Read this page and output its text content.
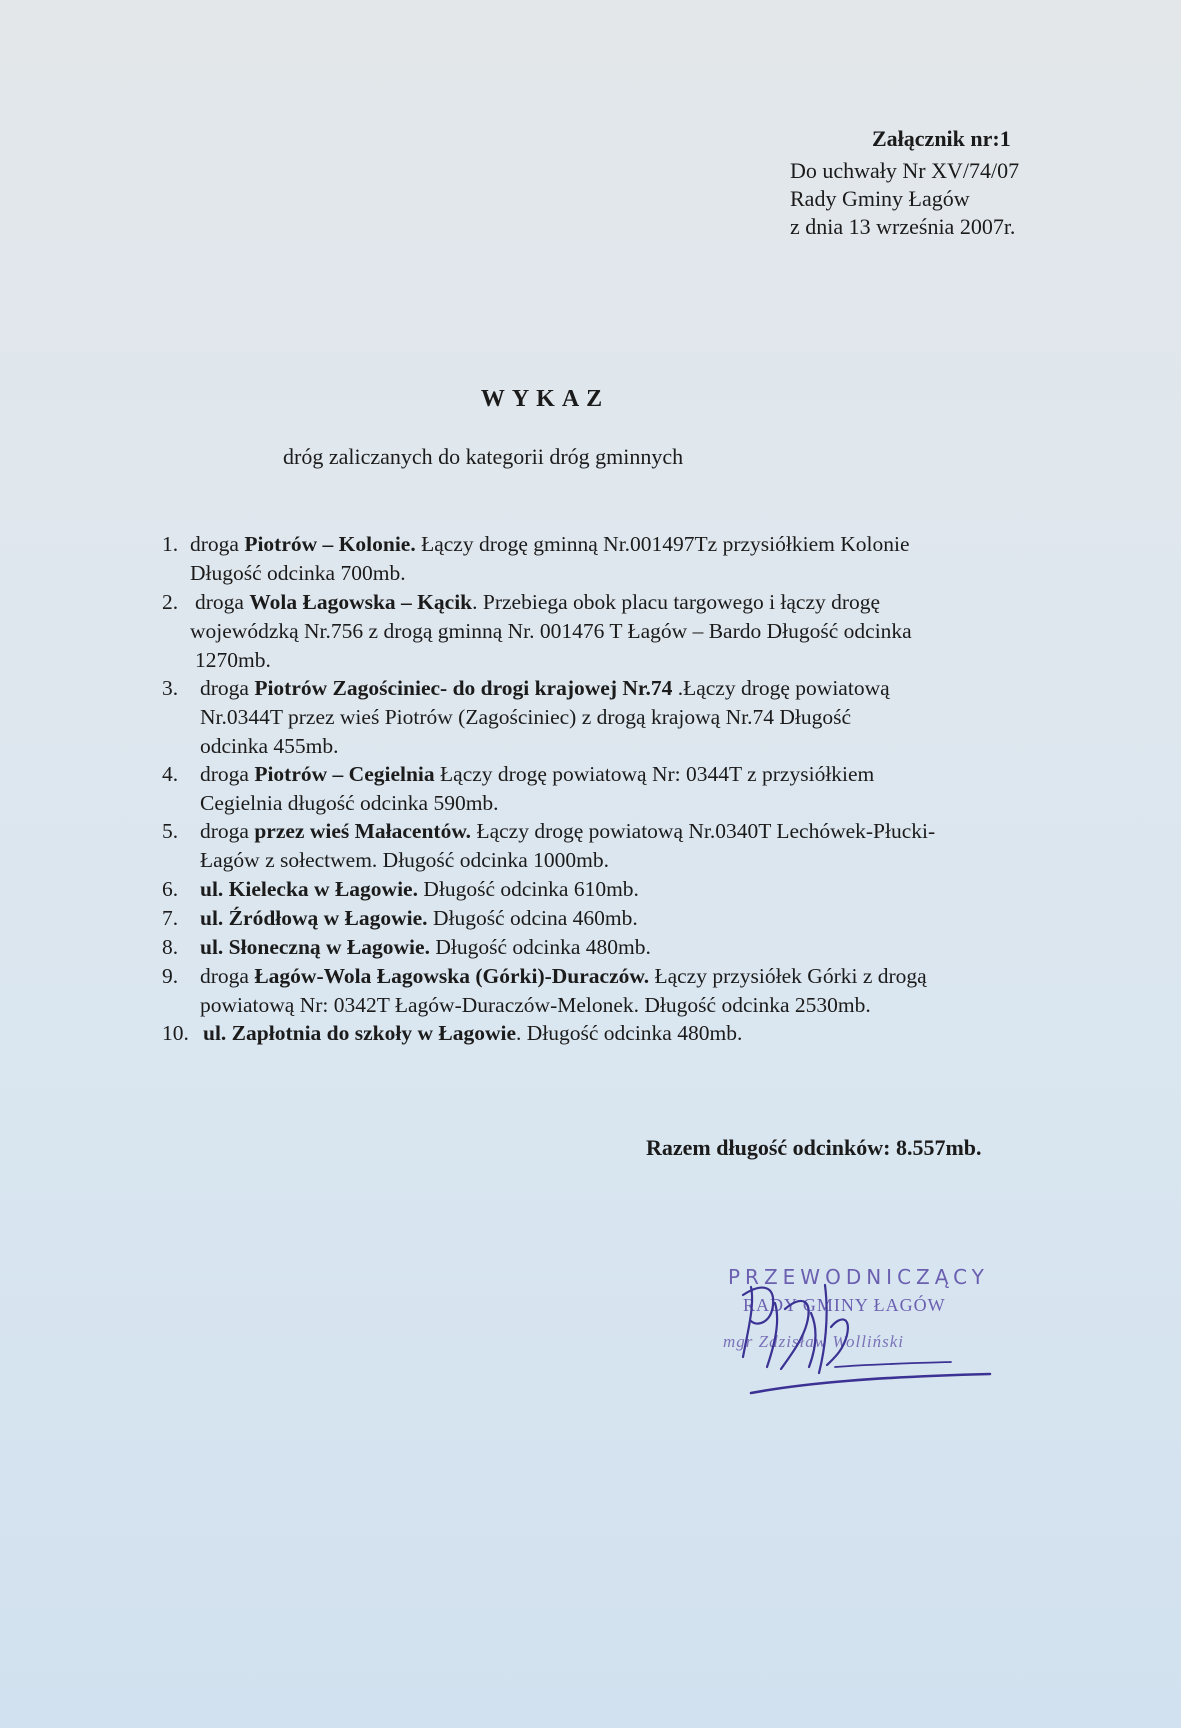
Załącznik nr:1
Do uchwały Nr XV/74/07
Rady Gminy Łagów
z dnia 13 września 2007r.
WYKAZ
dróg zaliczanych do kategorii dróg gminnych
1. droga Piotrów – Kolonie. Łączy drogę gminną Nr.001497Tz przysiółkiem Kolonie
Długość odcinka 700mb.
2. droga Wola Łagowska – Kącik. Przebiega obok placu targowego i łączy drogę
wojewódzką Nr.756 z drogą gminną Nr. 001476 T Łagów – Bardo Długość odcinka
1270mb.
3. droga Piotrów Zagościniec- do drogi krajowej Nr.74 .Łączy drogę powiatową
Nr.0344T przez wieś Piotrów (Zagościniec) z drogą krajową Nr.74 Długość
odcinka 455mb.
4. droga Piotrów – Cegielnia Łączy drogę powiatową Nr: 0344T z przysiółkiem
Cegielnia długość odcinka 590mb.
5. droga przez wieś Małacentów. Łączy drogę powiatową Nr.0340T Lechówek-Płucki-
Łagów z sołectwem. Długość odcinka 1000mb.
6. ul. Kielecka w Łagowie. Długość odcinka 610mb.
7. ul. Źródłową w Łagowie. Długość odcina 460mb.
8. ul. Słoneczną w Łagowie. Długość odcinka 480mb.
9. droga Łagów-Wola Łagowska (Górki)-Duraczów. Łączy przysiółek Górki z drogą
powiatową Nr: 0342T Łagów-Duraczów-Melonek. Długość odcinka 2530mb.
10. ul. Zapłotnia do szkoły w Łagowie. Długość odcinka 480mb.
Razem długość odcinków: 8.557mb.
PRZEWODNICZĄCY
RADY GMINY ŁAGÓW
mgr Zdzisław Wolliński
